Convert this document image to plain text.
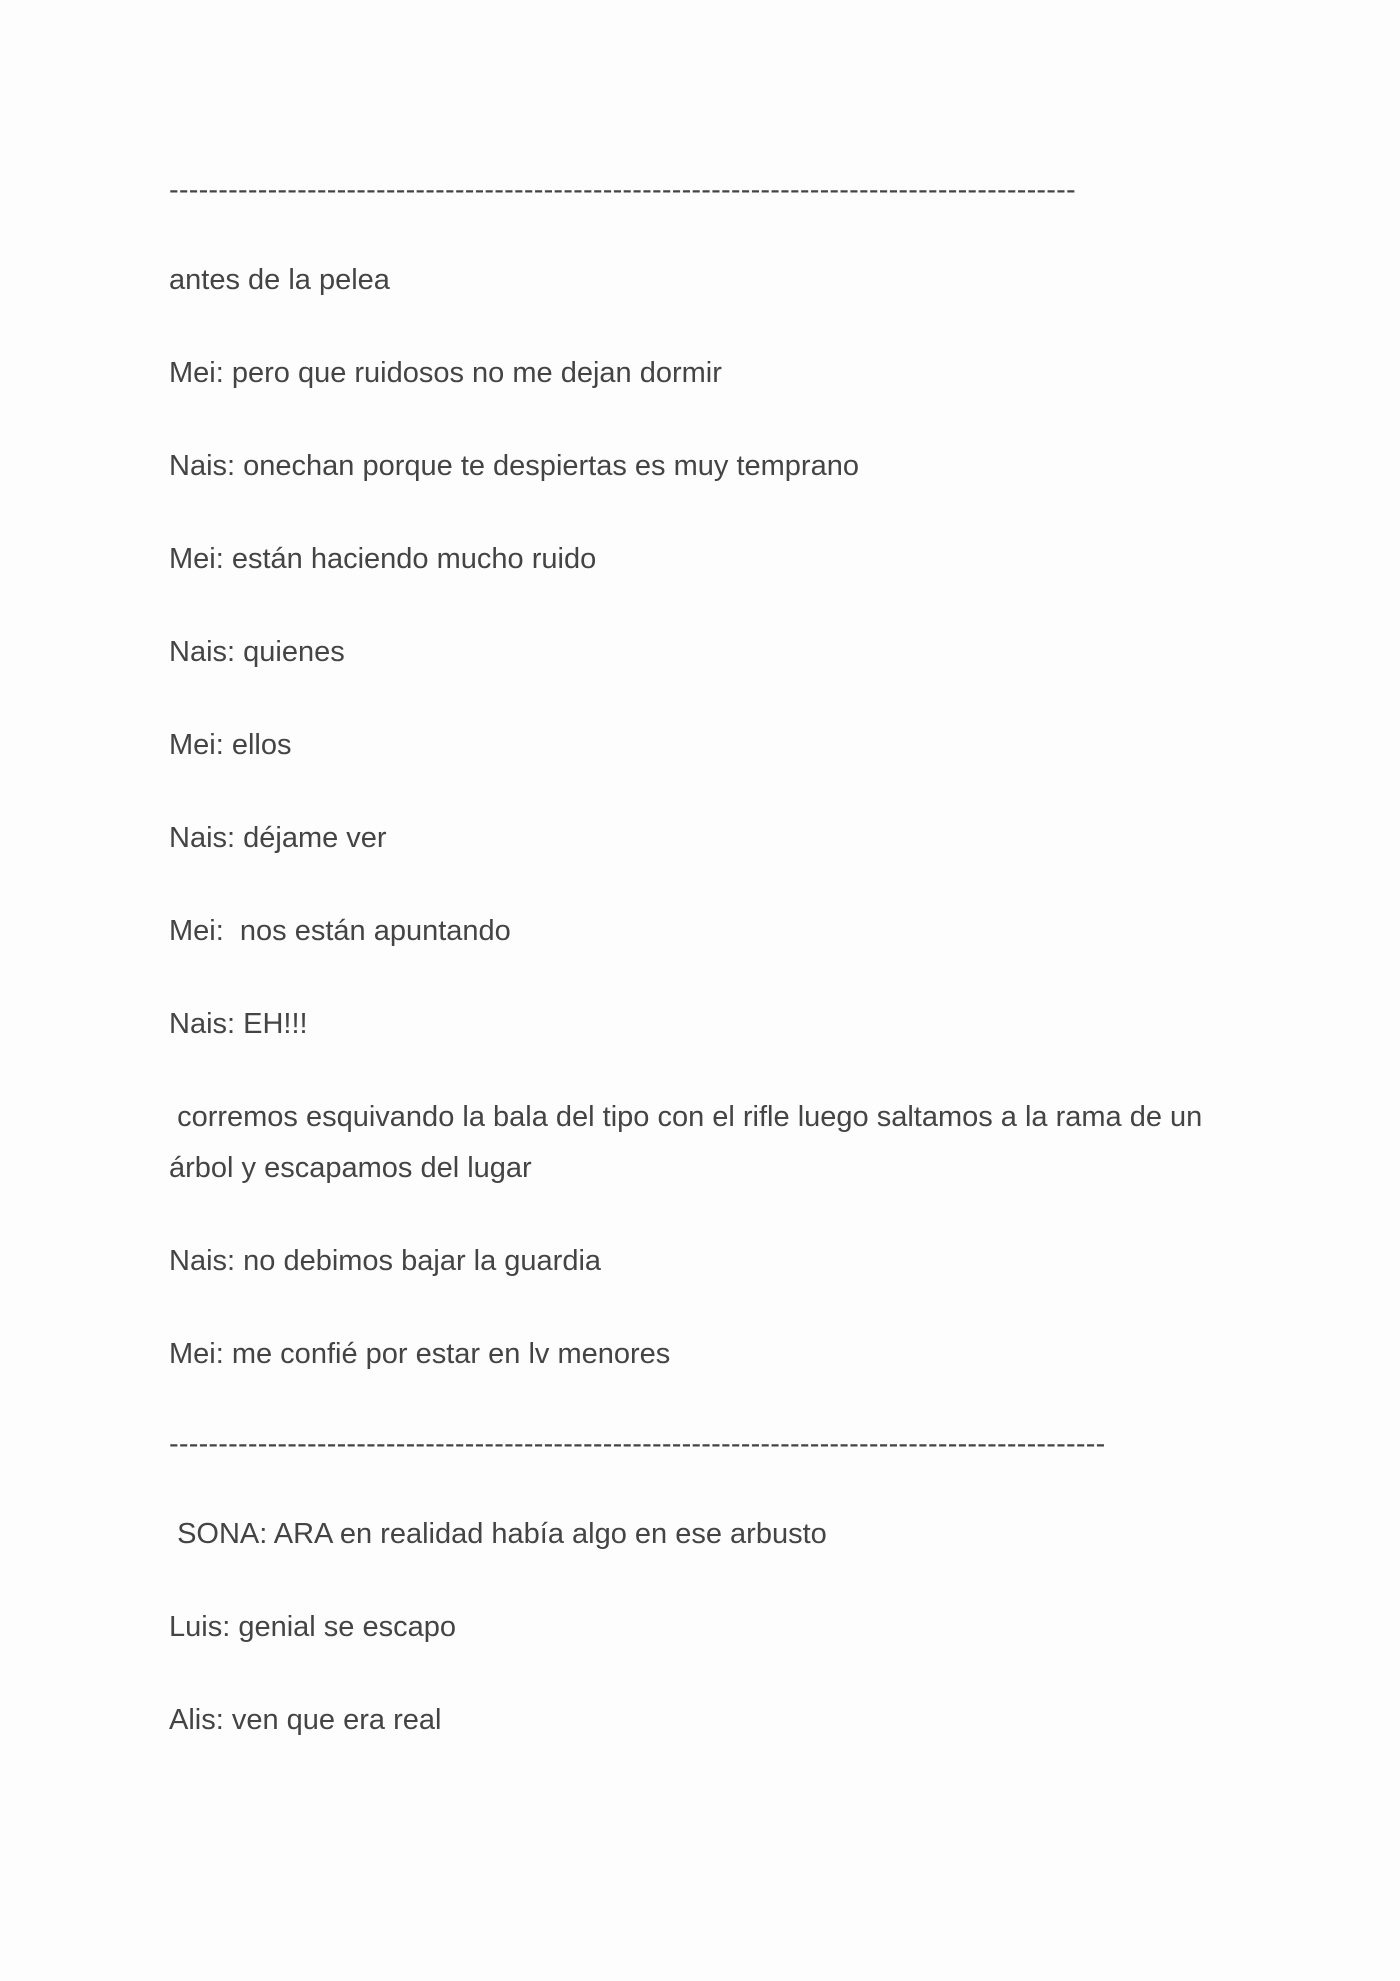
--------------------------------------------------------------------------------------------

antes de la pelea

Mei: pero que ruidosos no me dejan dormir

Nais: onechan porque te despiertas es muy temprano

Mei: están haciendo mucho ruido

Nais: quienes

Mei: ellos

Nais: déjame ver

Mei:  nos están apuntando

Nais: EH!!!

corremos esquivando la bala del tipo con el rifle luego saltamos a la rama de un árbol y escapamos del lugar

Nais: no debimos bajar la guardia

Mei: me confié por estar en lv menores

-----------------------------------------------------------------------------------------------

SONA: ARA en realidad había algo en ese arbusto

Luis: genial se escapo

Alis: ven que era real
